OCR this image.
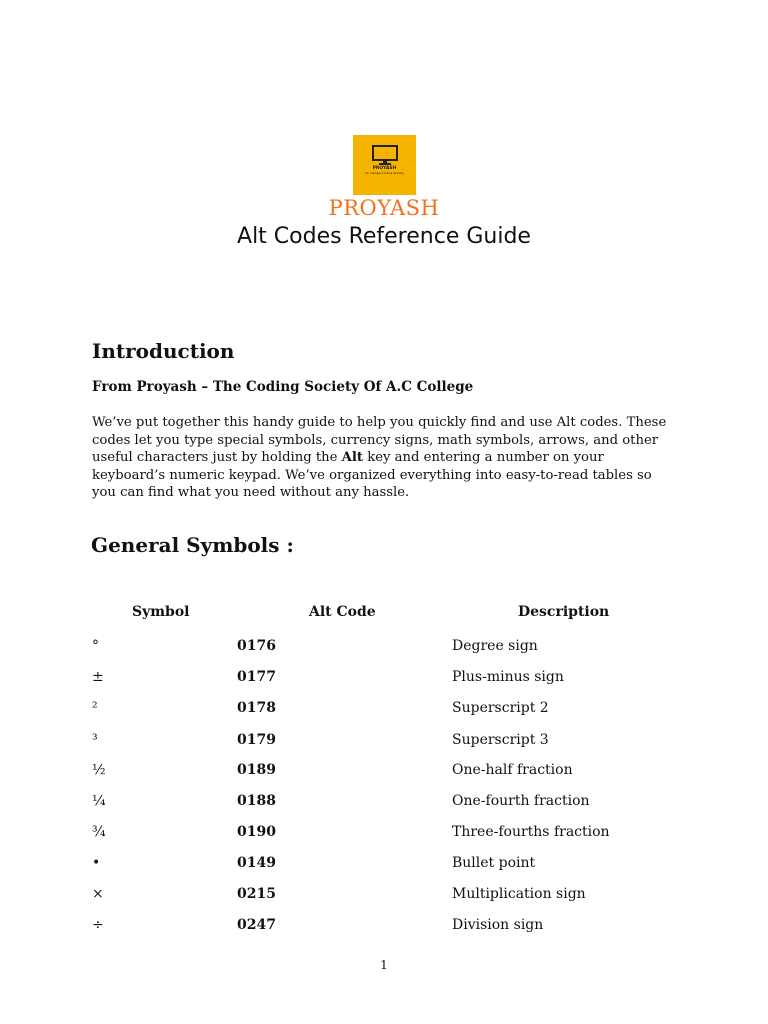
PROYASH
AC college Coding Society
PROYASH
Alt Codes Reference Guide
Introduction
From Proyash – The Coding Society Of A.C College

We’ve put together this handy guide to help you quickly find and use Alt codes. These
codes let you type special symbols, currency signs, math symbols, arrows, and other
useful characters just by holding the Alt key and entering a number on your
keyboard’s numeric keypad. We’ve organized everything into easy-to-read tables so
you can find what you need without any hassle.

General Symbols :
Symbol	Alt Code	Description
°	0176	Degree sign
±	0177	Plus-minus sign
²	0178	Superscript 2
³	0179	Superscript 3
½	0189	One-half fraction
¼	0188	One-fourth fraction
¾	0190	Three-fourths fraction
•	0149	Bullet point
×	0215	Multiplication sign
÷	0247	Division sign
1
